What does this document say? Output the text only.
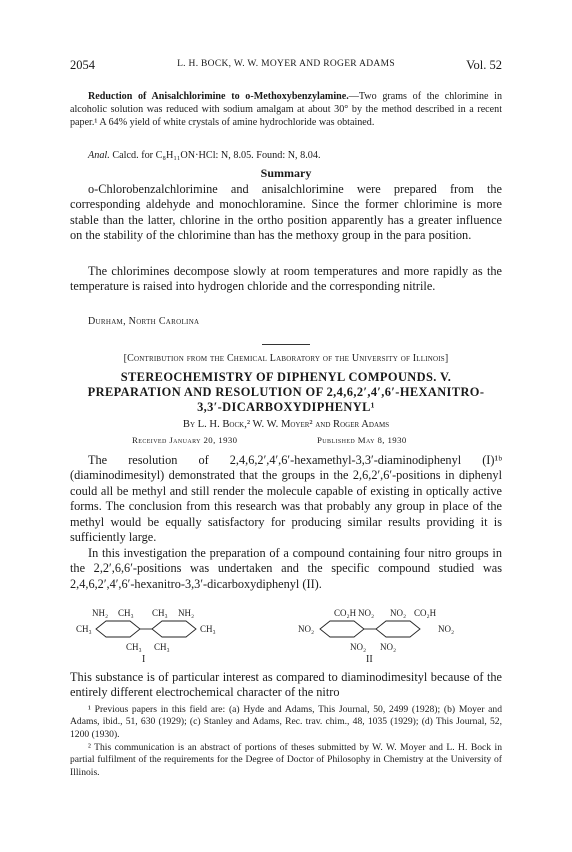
2054	L. H. BOCK, W. W. MOYER AND ROGER ADAMS	Vol. 52

Reduction of Anisalchlorimine to o-Methoxybenzylamine.—Two grams of the chlorimine in alcoholic solution was reduced with sodium amalgam at about 30° by the method described in a recent paper.¹ A 64% yield of white crystals of amine hydrochloride was obtained.

Anal. Calcd. for C₈H₁₁ON·HCl: N, 8.05. Found: N, 8.04.

Summary

o-Chlorobenzalchlorimine and anisalchlorimine were prepared from the corresponding aldehyde and monochloramine. Since the former chlorimine is more stable than the latter, chlorine in the ortho position apparently has a greater influence on the stability of the chlorimine than has the methoxy group in the para position.

The chlorimines decompose slowly at room temperatures and more rapidly as the temperature is raised into hydrogen chloride and the corresponding nitrile.

Durham, North Carolina
[Contribution from the Chemical Laboratory of the University of Illinois]
STEREOCHEMISTRY OF DIPHENYL COMPOUNDS. V.
PREPARATION AND RESOLUTION OF 2,4,6,2′,4′,6′-HEXANITRO-
3,3′-DICARBOXYDIPHENYL¹
By L. H. Bock,² W. W. Moyer² and Roger Adams
Received January 20, 1930	Published May 8, 1930

The resolution of 2,4,6,2′,4′,6′-hexamethyl-3,3′-diaminodiphenyl (I)¹ᵇ (diaminodimesityl) demonstrated that the groups in the 2,6,2′,6′-positions in diphenyl could all be methyl and still render the molecule capable of existing in optically active forms. The conclusion from this research was that probably any group in place of the methyl would be equally satisfactory for producing similar results providing it is sufficiently large.

In this investigation the preparation of a compound containing four nitro groups in the 2,2′,6,6′-positions was undertaken and the specific compound studied was 2,4,6,2′,4′,6′-hexanitro-3,3′-dicarboxydiphenyl (II).

NH₂ CH₃ CH₃ NH₂
CH₃	CH₃
CH₃ CH₃
I
CO₂H NO₂ NO₂ CO₂H
NO₂	NO₂
NO₂ NO₂
II

This substance is of particular interest as compared to diaminodimesityl because of the entirely different electrochemical character of the nitro

¹ Previous papers in this field are: (a) Hyde and Adams, This Journal, 50, 2499 (1928); (b) Moyer and Adams, ibid., 51, 630 (1929); (c) Stanley and Adams, Rec. trav. chim., 48, 1035 (1929); (d) This Journal, 52, 1200 (1930).

² This communication is an abstract of portions of theses submitted by W. W. Moyer and L. H. Bock in partial fulfilment of the requirements for the Degree of Doctor of Philosophy in Chemistry at the University of Illinois.
